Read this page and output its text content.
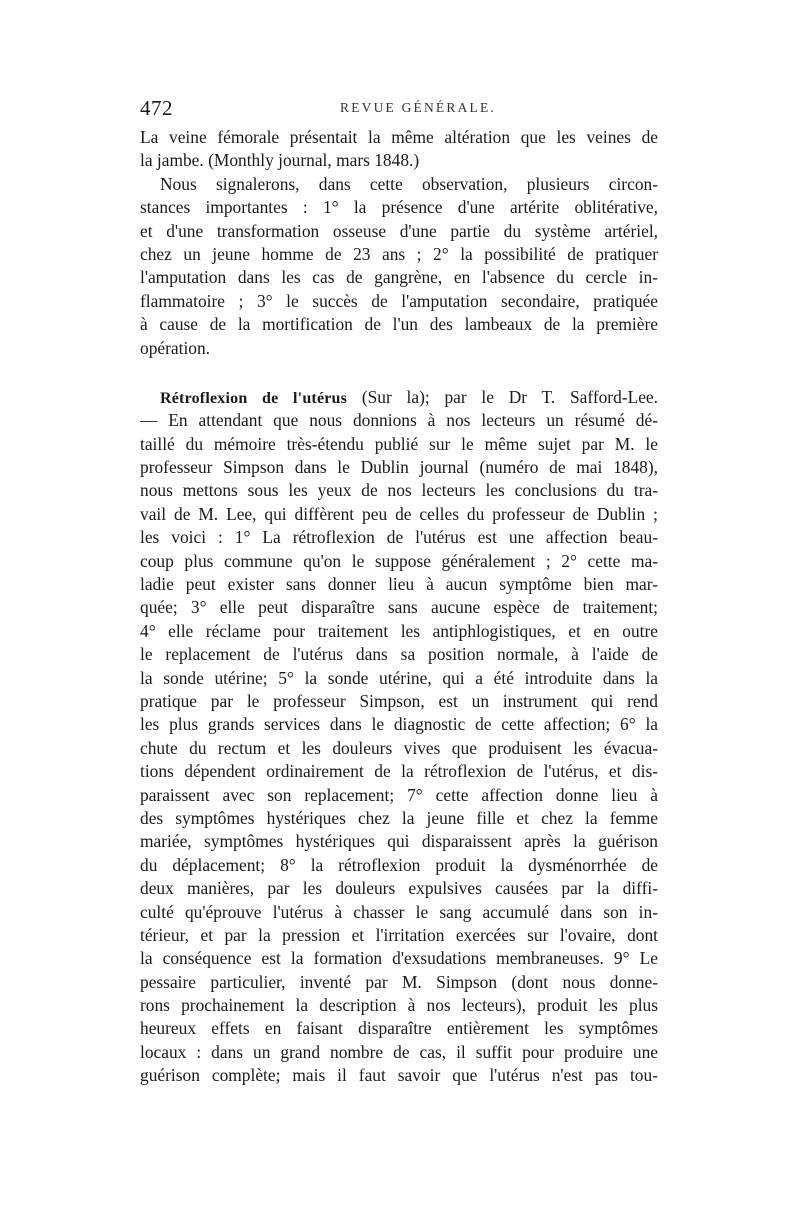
472	REVUE GÉNÉRALE.
La veine fémorale présentait la même altération que les veines de
la jambe. (Monthly journal, mars 1848.)
Nous signalerons, dans cette observation, plusieurs circon-
stances importantes : 1° la présence d'une artérite oblitérative,
et d'une transformation osseuse d'une partie du système artériel,
chez un jeune homme de 23 ans ; 2° la possibilité de pratiquer
l'amputation dans les cas de gangrène, en l'absence du cercle in-
flammatoire ; 3° le succès de l'amputation secondaire, pratiquée
à cause de la mortification de l'un des lambeaux de la première
opération.
Rétroflexion de l'utérus (Sur la); par le Dr T. Safford-Lee.
— En attendant que nous donnions à nos lecteurs un résumé dé-
taillé du mémoire très-étendu publié sur le même sujet par M. le
professeur Simpson dans le Dublin journal (numéro de mai 1848),
nous mettons sous les yeux de nos lecteurs les conclusions du tra-
vail de M. Lee, qui diffèrent peu de celles du professeur de Dublin ;
les voici : 1° La rétroflexion de l'utérus est une affection beau-
coup plus commune qu'on le suppose généralement ; 2° cette ma-
ladie peut exister sans donner lieu à aucun symptôme bien mar-
quée; 3° elle peut disparaître sans aucune espèce de traitement;
4° elle réclame pour traitement les antiphlogistiques, et en outre
le replacement de l'utérus dans sa position normale, à l'aide de
la sonde utérine; 5° la sonde utérine, qui a été introduite dans la
pratique par le professeur Simpson, est un instrument qui rend
les plus grands services dans le diagnostic de cette affection; 6° la
chute du rectum et les douleurs vives que produisent les évacua-
tions dépendent ordinairement de la rétroflexion de l'utérus, et dis-
paraissent avec son replacement; 7° cette affection donne lieu à
des symptômes hystériques chez la jeune fille et chez la femme
mariée, symptômes hystériques qui disparaissent après la guérison
du déplacement; 8° la rétroflexion produit la dysménorrhée de
deux manières, par les douleurs expulsives causées par la diffi-
culté qu'éprouve l'utérus à chasser le sang accumulé dans son in-
térieur, et par la pression et l'irritation exercées sur l'ovaire, dont
la conséquence est la formation d'exsudations membraneuses. 9° Le
pessaire particulier, inventé par M. Simpson (dont nous donne-
rons prochainement la description à nos lecteurs), produit les plus
heureux effets en faisant disparaître entièrement les symptômes
locaux : dans un grand nombre de cas, il suffit pour produire une
guérison complète; mais il faut savoir que l'utérus n'est pas tou-
